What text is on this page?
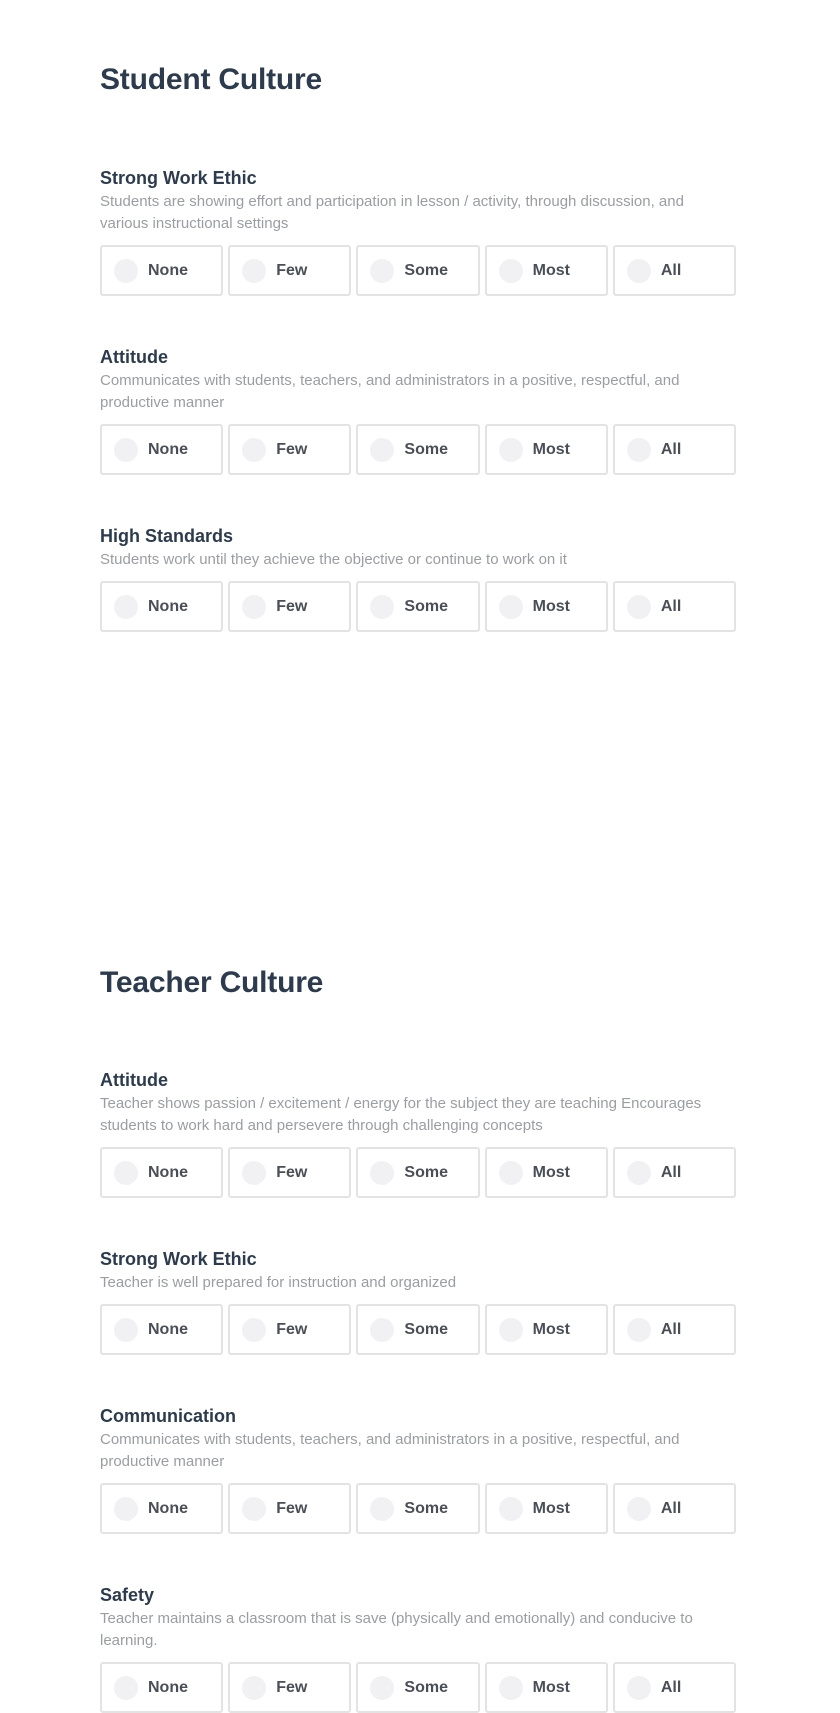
Student Culture
Strong Work Ethic
Students are showing effort and participation in lesson / activity, through discussion, and various instructional settings
None	Few	Some	Most	All
Attitude
Communicates with students, teachers, and administrators in a positive, respectful, and productive manner
None	Few	Some	Most	All
High Standards
Students work until they achieve the objective or continue to work on it
None	Few	Some	Most	All
Teacher Culture
Attitude
Teacher shows passion / excitement / energy for the subject they are teaching Encourages students to work hard and persevere through challenging concepts
None	Few	Some	Most	All
Strong Work Ethic
Teacher is well prepared for instruction and organized
None	Few	Some	Most	All
Communication
Communicates with students, teachers, and administrators in a positive, respectful, and productive manner
None	Few	Some	Most	All
Safety
Teacher maintains a classroom that is save (physically and emotionally) and conducive to learning.
None	Few	Some	Most	All
